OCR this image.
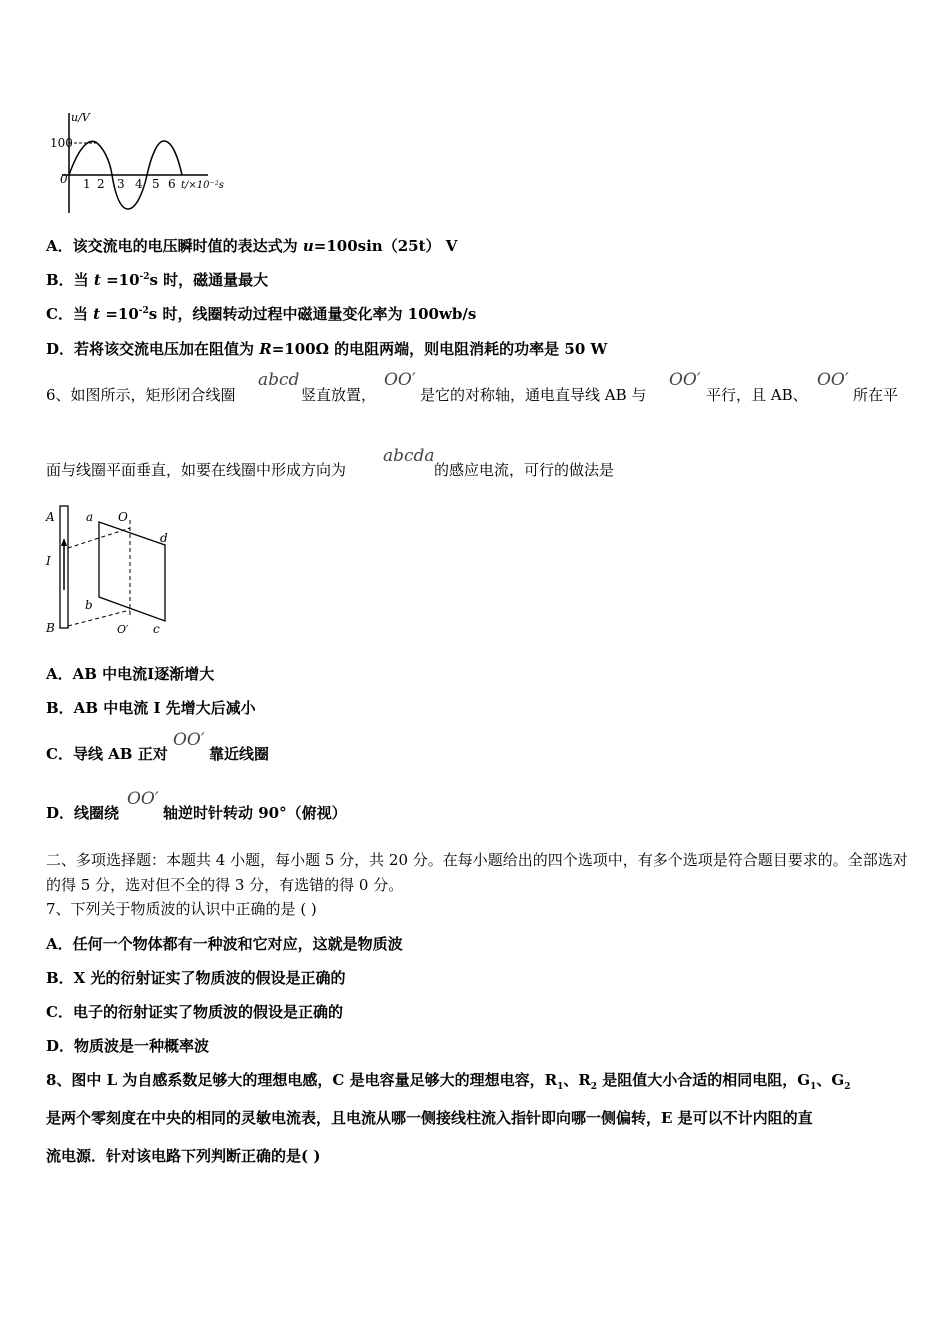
u/V
100
0 1 2 3 4 5 6 t/×10⁻²s
A．该交流电的电压瞬时值的表达式为 u=100sin（25t） V
B．当 $t =10^{-2}s$ 时，磁通量最大
C．当 $t =10^{-2}s$ 时，线圈转动过程中磁通量变化率为 100wb/s
D．若将该交流电压加在阻值为 R=100Ω 的电阻两端，则电阻消耗的功率是 50 W
6、如图所示，矩形闭合线圈
abcd
竖直放置，
OO′
是它的对称轴，通电直导线 AB 与
OO′
平行，且 AB、
OO′
所在平
面与线圈平面垂直，如要在线圈中形成方向为
abcda
的感应电流，可行的做法是
A
I
B
a O
d
b
O′ c
A．AB 中电流Ⅰ逐渐增大
B．AB 中电流 I 先增大后减小
C．导线 AB 正对
OO′
靠近线圈
D．线圈绕
OO′
轴逆时针转动 90°（俯视）
二、多项选择题：本题共 4 小题，每小题 5 分，共 20 分。在每小题给出的四个选项中，有多个选项是符合题目要求的。全部选对的得 5 分，选对但不全的得 3 分，有选错的得 0 分。
7、下列关于物质波的认识中正确的是 ( )
A．任何一个物体都有一种波和它对应，这就是物质波
B．X 光的衍射证实了物质波的假设是正确的
C．电子的衍射证实了物质波的假设是正确的
D．物质波是一种概率波
8、图中 L 为自感系数足够大的理想电感，C 是电容量足够大的理想电容，$R_1$、$R_2$ 是阻值大小合适的相同电阻，$G_1$、$G_2$
是两个零刻度在中央的相同的灵敏电流表，且电流从哪一侧接线柱流入指针即向哪一侧偏转，E 是可以不计内阻的直
流电源．针对该电路下列判断正确的是( )
